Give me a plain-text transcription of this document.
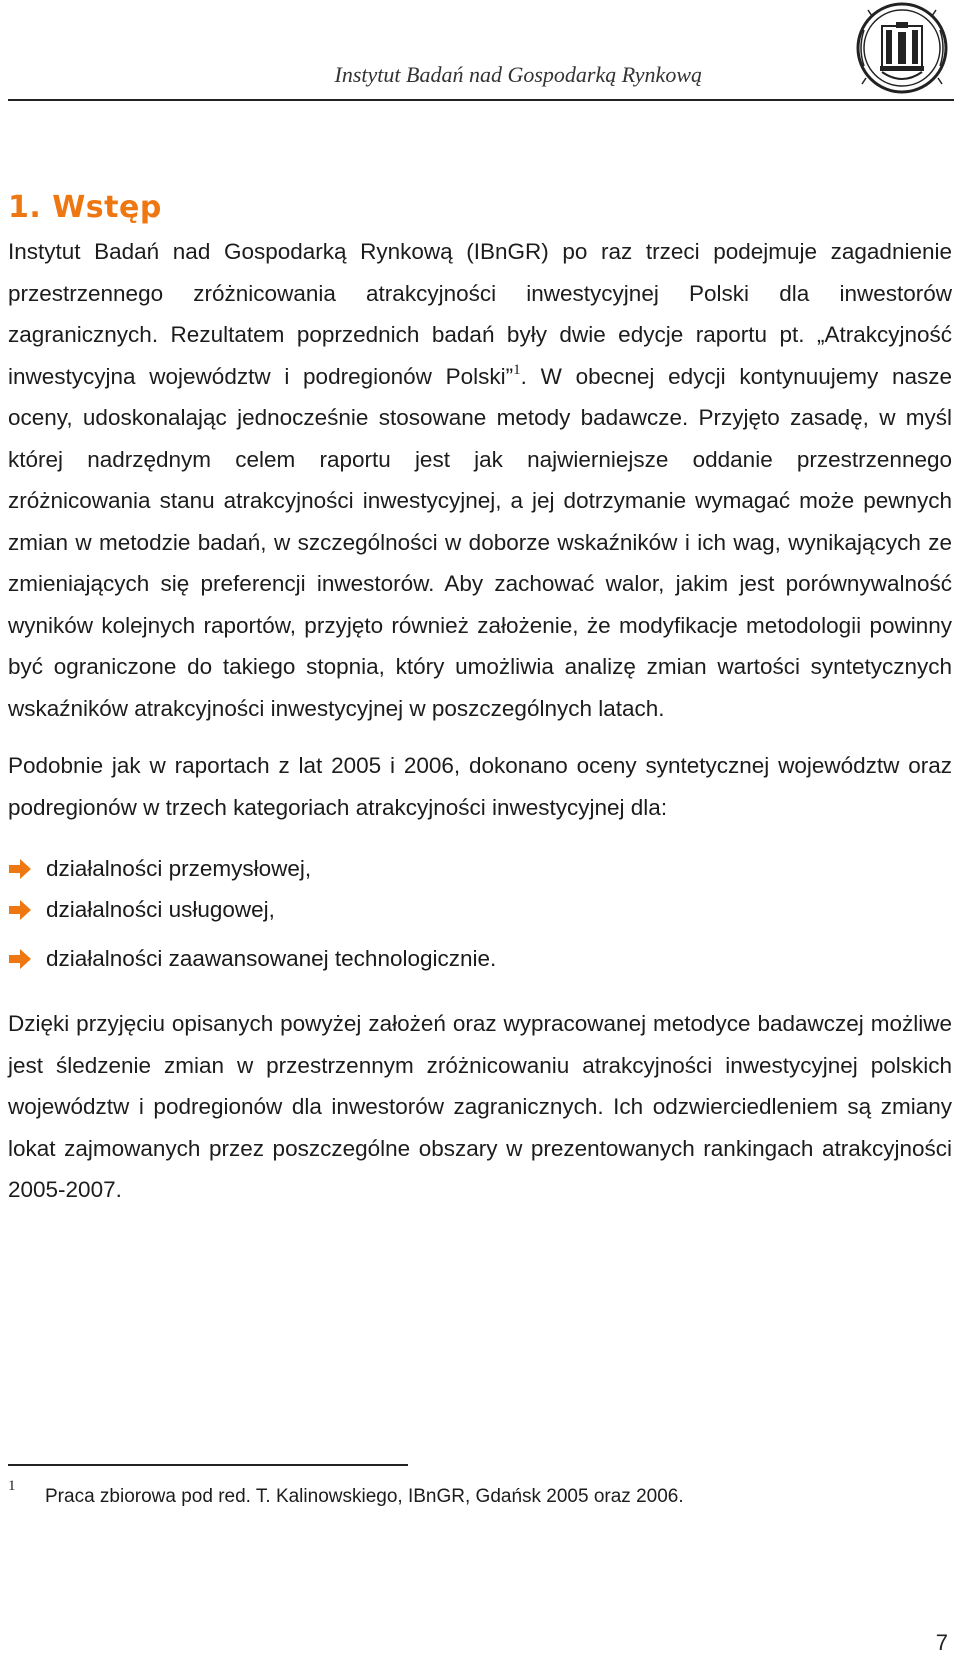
Instytut Badań nad Gospodarką Rynkową
1. Wstęp

Instytut Badań nad Gospodarką Rynkową (IBnGR) po raz trzeci podejmuje zagadnienie przestrzennego zróżnicowania atrakcyjności inwestycyjnej Polski dla inwestorów zagranicznych. Rezultatem poprzednich badań były dwie edycje raportu pt. „Atrakcyjność inwestycyjna województw i podregionów Polski”$^1$. W obecnej edycji kontynuujemy nasze oceny, udoskonalając jednocześnie stosowane metody badawcze. Przyjęto zasadę, w myśl której nadrzędnym celem raportu jest jak najwierniejsze oddanie przestrzennego zróżnicowania stanu atrakcyjności inwestycyjnej, a jej dotrzymanie wymagać może pewnych zmian w metodzie badań, w szczególności w doborze wskaźników i ich wag, wynikających ze zmieniających się preferencji inwestorów. Aby zachować walor, jakim jest porównywalność wyników kolejnych raportów, przyjęto również założenie, że modyfikacje metodologii powinny być ograniczone do takiego stopnia, który umożliwia analizę zmian wartości syntetycznych wskaźników atrakcyjności inwestycyjnej w poszczególnych latach.

Podobnie jak w raportach z lat 2005 i 2006, dokonano oceny syntetycznej województw oraz podregionów w trzech kategoriach atrakcyjności inwestycyjnej dla:

działalności przemysłowej,
działalności usługowej,
działalności zaawansowanej technologicznie.

Dzięki przyjęciu opisanych powyżej założeń oraz wypracowanej metodyce badawczej możliwe jest śledzenie zmian w przestrzennym zróżnicowaniu atrakcyjności inwestycyjnej polskich województw i podregionów dla inwestorów zagranicznych. Ich odzwierciedleniem są zmiany lokat zajmowanych przez poszczególne obszary w prezentowanych rankingach atrakcyjności 2005-2007.

1 Praca zbiorowa pod red. T. Kalinowskiego, IBnGR, Gdańsk 2005 oraz 2006.
7
